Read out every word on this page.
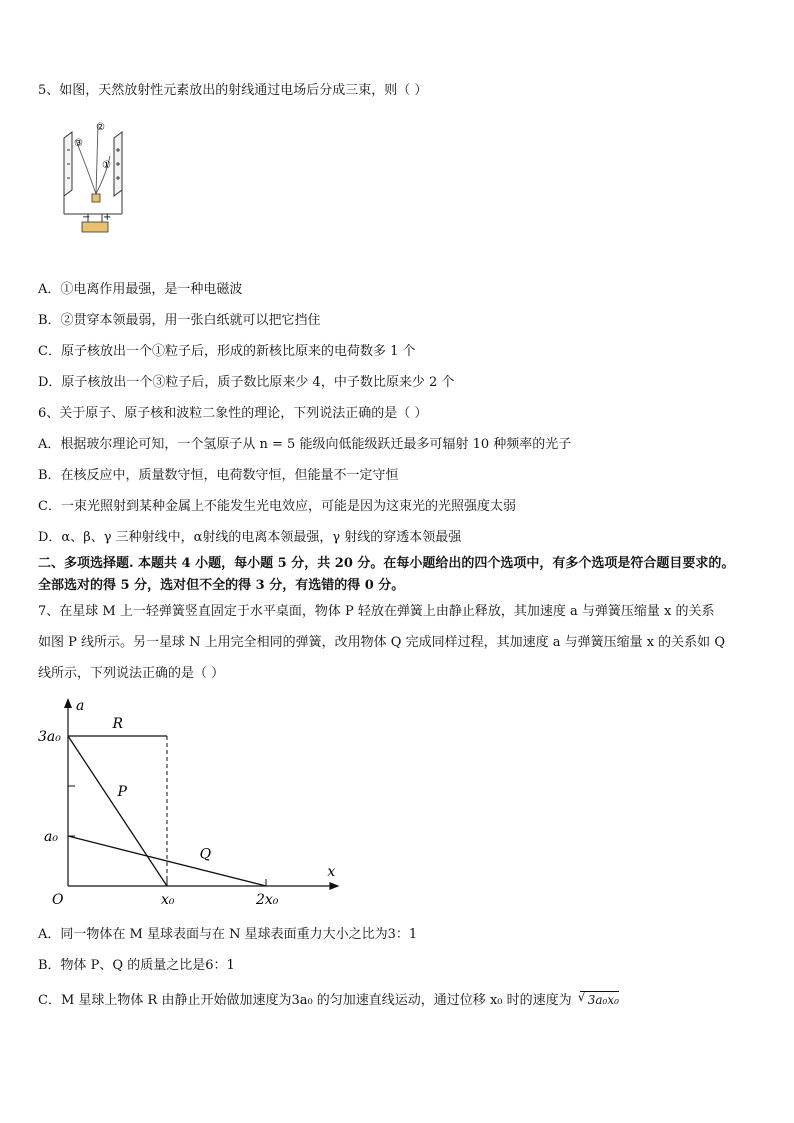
5、如图，天然放射性元素放出的射线通过电场后分成三束，则（ ）
③
②
①
− +
A．①电离作用最强，是一种电磁波
B．②贯穿本领最弱，用一张白纸就可以把它挡住
C．原子核放出一个①粒子后，形成的新核比原来的电荷数多 1 个
D．原子核放出一个③粒子后，质子数比原来少 4，中子数比原来少 2 个
6、关于原子、原子核和波粒二象性的理论，下列说法正确的是（ ）
A．根据玻尔理论可知，一个氢原子从 n = 5 能级向低能级跃迁最多可辐射 10 种频率的光子
B．在核反应中，质量数守恒，电荷数守恒，但能量不一定守恒
C．一束光照射到某种金属上不能发生光电效应，可能是因为这束光的光照强度太弱
D．α、β、γ 三种射线中，α射线的电离本领最强，γ 射线的穿透本领最强
二、多项选择题. 本题共 4 小题，每小题 5 分，共 20 分。在每小题给出的四个选项中，有多个选项是符合题目要求的。
全部选对的得 5 分，选对但不全的得 3 分，有选错的得 0 分。
7、在星球 M 上一轻弹簧竖直固定于水平桌面，物体 P 轻放在弹簧上由静止释放，其加速度 a 与弹簧压缩量 x 的关系
如图 P 线所示。另一星球 N 上用完全相同的弹簧，改用物体 Q 完成同样过程，其加速度 a 与弹簧压缩量 x 的关系如 Q
线所示，下列说法正确的是（ ）
R
P
Q
x
a
O
3a₀
a₀
x₀	2x₀
A．同一物体在 M 星球表面与在 N 星球表面重力大小之比为3：1
B．物体 P、Q 的质量之比是6：1
C．M 星球上物体 R 由静止开始做加速度为3a₀ 的匀加速直线运动，通过位移 x₀ 时的速度为 √ 3a₀x₀
